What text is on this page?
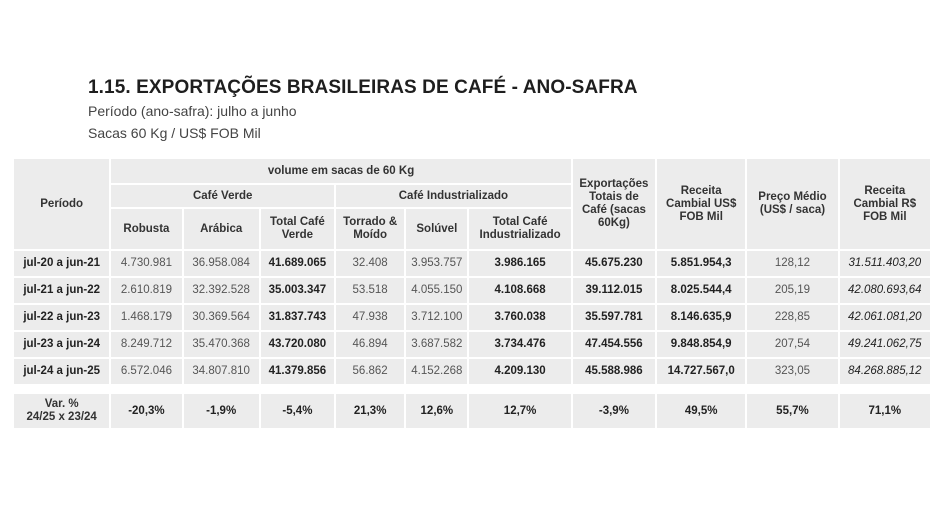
1.15. EXPORTAÇÕES BRASILEIRAS DE CAFÉ - ANO-SAFRA
Período (ano-safra): julho a junho
Sacas 60 Kg / US$ FOB Mil
Período	volume em sacas de 60 Kg						Exportações Totais de Café (sacas 60Kg)	Receita Cambial US$ FOB Mil	Preço Médio (US$ / saca)	Receita Cambial R$ FOB Mil
	Café Verde			Café Industrializado						
	Robusta	Arábica	Total Café Verde	Torrado & Moído	Solúvel	Total Café Industrializado				
jul-20 a jun-21	4.730.981	36.958.084	41.689.065	32.408	3.953.757	3.986.165	45.675.230	5.851.954,3	128,12	31.511.403,20
jul-21 a jun-22	2.610.819	32.392.528	35.003.347	53.518	4.055.150	4.108.668	39.112.015	8.025.544,4	205,19	42.080.693,64
jul-22 a jun-23	1.468.179	30.369.564	31.837.743	47.938	3.712.100	3.760.038	35.597.781	8.146.635,9	228,85	42.061.081,20
jul-23 a jun-24	8.249.712	35.470.368	43.720.080	46.894	3.687.582	3.734.476	47.454.556	9.848.854,9	207,54	49.241.062,75
jul-24 a jun-25	6.572.046	34.807.810	41.379.856	56.862	4.152.268	4.209.130	45.588.986	14.727.567,0	323,05	84.268.885,12

Var. %
24/25 x 23/24	-20,3%	-1,9%	-5,4%	21,3%	12,6%	12,7%	-3,9%	49,5%	55,7%	71,1%
